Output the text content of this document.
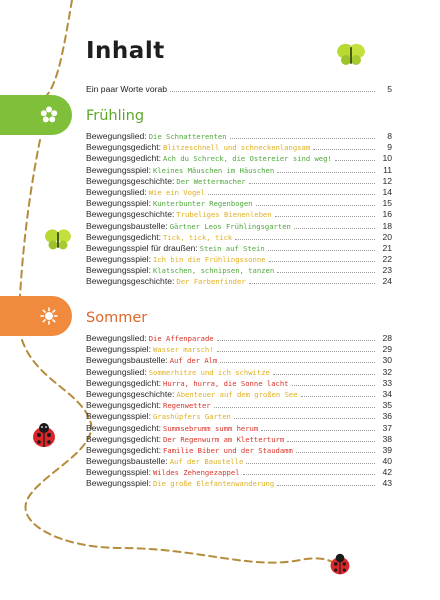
Inhalt
Ein paar Worte vorab	5
Frühling
Bewegungslied: Die Schnatterenten	8
Bewegungsgedicht: Blitzeschnell und schneckenlangsam	9
Bewegungsgedicht: Ach du Schreck, die Ostereier sind weg!	10
Bewegungsspiel: Kleines Mäuschen im Häuschen	11
Bewegungsgeschichte: Der Wettermacher	12
Bewegungslied: Wie ein Vogel	14
Bewegungsspiel: Kunterbunter Regenbogen	15
Bewegungsgeschichte: Trubeliges Bienenleben	16
Bewegungsbaustelle: Gärtner Leos Frühlingsgarten	18
Bewegungsgedicht: Tick, tick, tick	20
Bewegungsspiel für draußen: Stein auf Stein	21
Bewegungsspiel: Ich bin die Frühlingssonne	22
Bewegungsspiel: Klatschen, schnipsen, tanzen	23
Bewegungsgeschichte: Der Farbenfinder	24
Sommer
Bewegungslied: Die Affenparade	28
Bewegungsspiel: Wasser marsch!	29
Bewegungsbaustelle: Auf der Alm	30
Bewegungslied: Sommerhitze und ich schwitze	32
Bewegungsgedicht: Hurra, hurra, die Sonne lacht	33
Bewegungsgeschichte: Abenteuer auf dem großen See	34
Bewegungsgedicht: Regenwetter	35
Bewegungsspiel: Grashüpfers Garten	36
Bewegungsgedicht: Summsebrumm summ herum	37
Bewegungsgedicht: Der Regenwurm am Kletterturm	38
Bewegungsgedicht: Familie Biber und der Staudamm	39
Bewegungsbaustelle: Auf der Baustelle	40
Bewegungsspiel: Wildes Zehengezappel	42
Bewegungsspiel: Die große Elefantenwanderung	43
